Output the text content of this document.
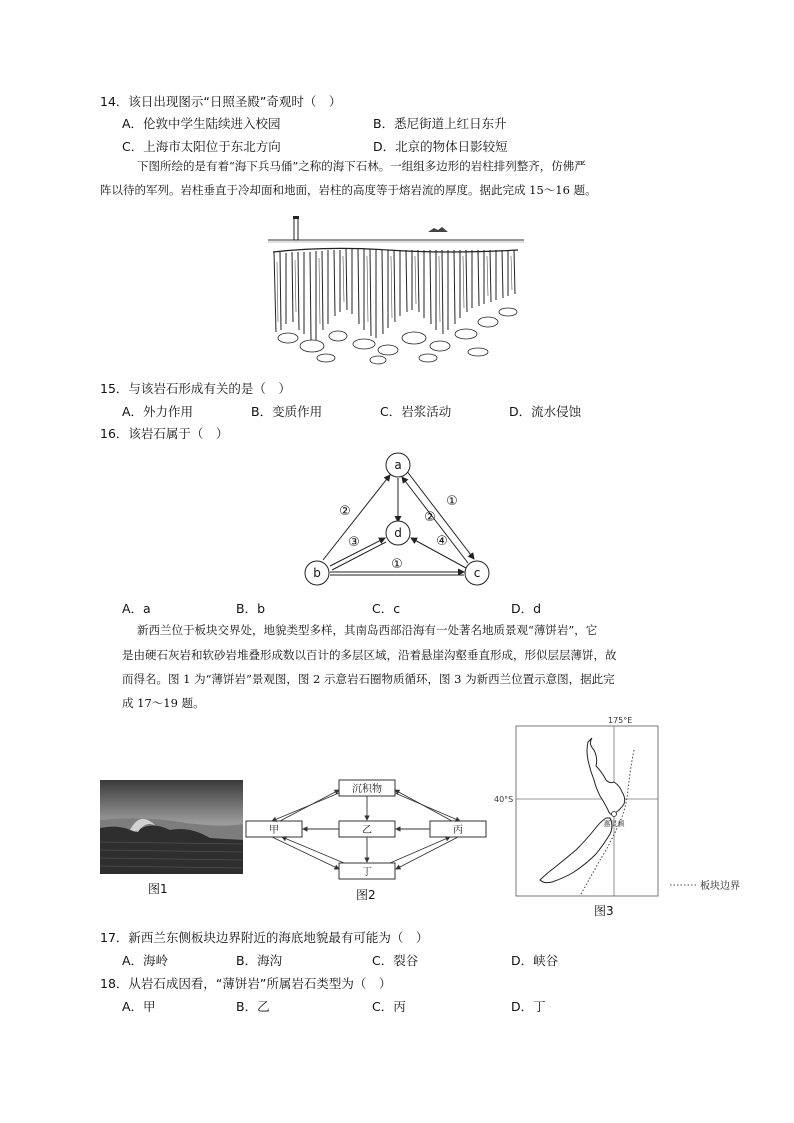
14．该日出现图示“日照圣殿”奇观时（　）
A．伦敦中学生陆续进入校园	B．悉尼街道上红日东升
C．上海市太阳位于东北方向	D．北京的物体日影较短
下图所绘的是有着“海下兵马俑”之称的海下石林。一组组多边形的岩柱排列整齐，仿佛严
阵以待的军列。岩柱垂直于冷却面和地面，岩柱的高度等于熔岩流的厚度。据此完成 15～16 题。
15．与该岩石形成有关的是（　）
A．外力作用	B．变质作用	C．岩浆活动	D．流水侵蚀
16．该岩石属于（　）
a
b	c
d
②
①
②
③	④
①
A．a	B．b	C．c	D．d
新西兰位于板块交界处，地貌类型多样，其南岛西部沿海有一处著名地质景观“薄饼岩”，它
是由硬石灰岩和软砂岩堆叠形成数以百计的多层区域，沿着悬崖沟壑垂直形成，形似层层薄饼，故
而得名。图 1 为“薄饼岩”景观图，图 2 示意岩石圈物质循环，图 3 为新西兰位置示意图，据此完
成 17～19 题。
图1
沉积物
甲	乙	丙
丁
图2
175°E
惠灵顿
板块边界
40°S
图3
17．新西兰东侧板块边界附近的海底地貌最有可能为（　）
A．海岭	B．海沟	C．裂谷	D．峡谷
18．从岩石成因看，“薄饼岩”所属岩石类型为（　）
A．甲	B．乙	C．丙	D．丁
